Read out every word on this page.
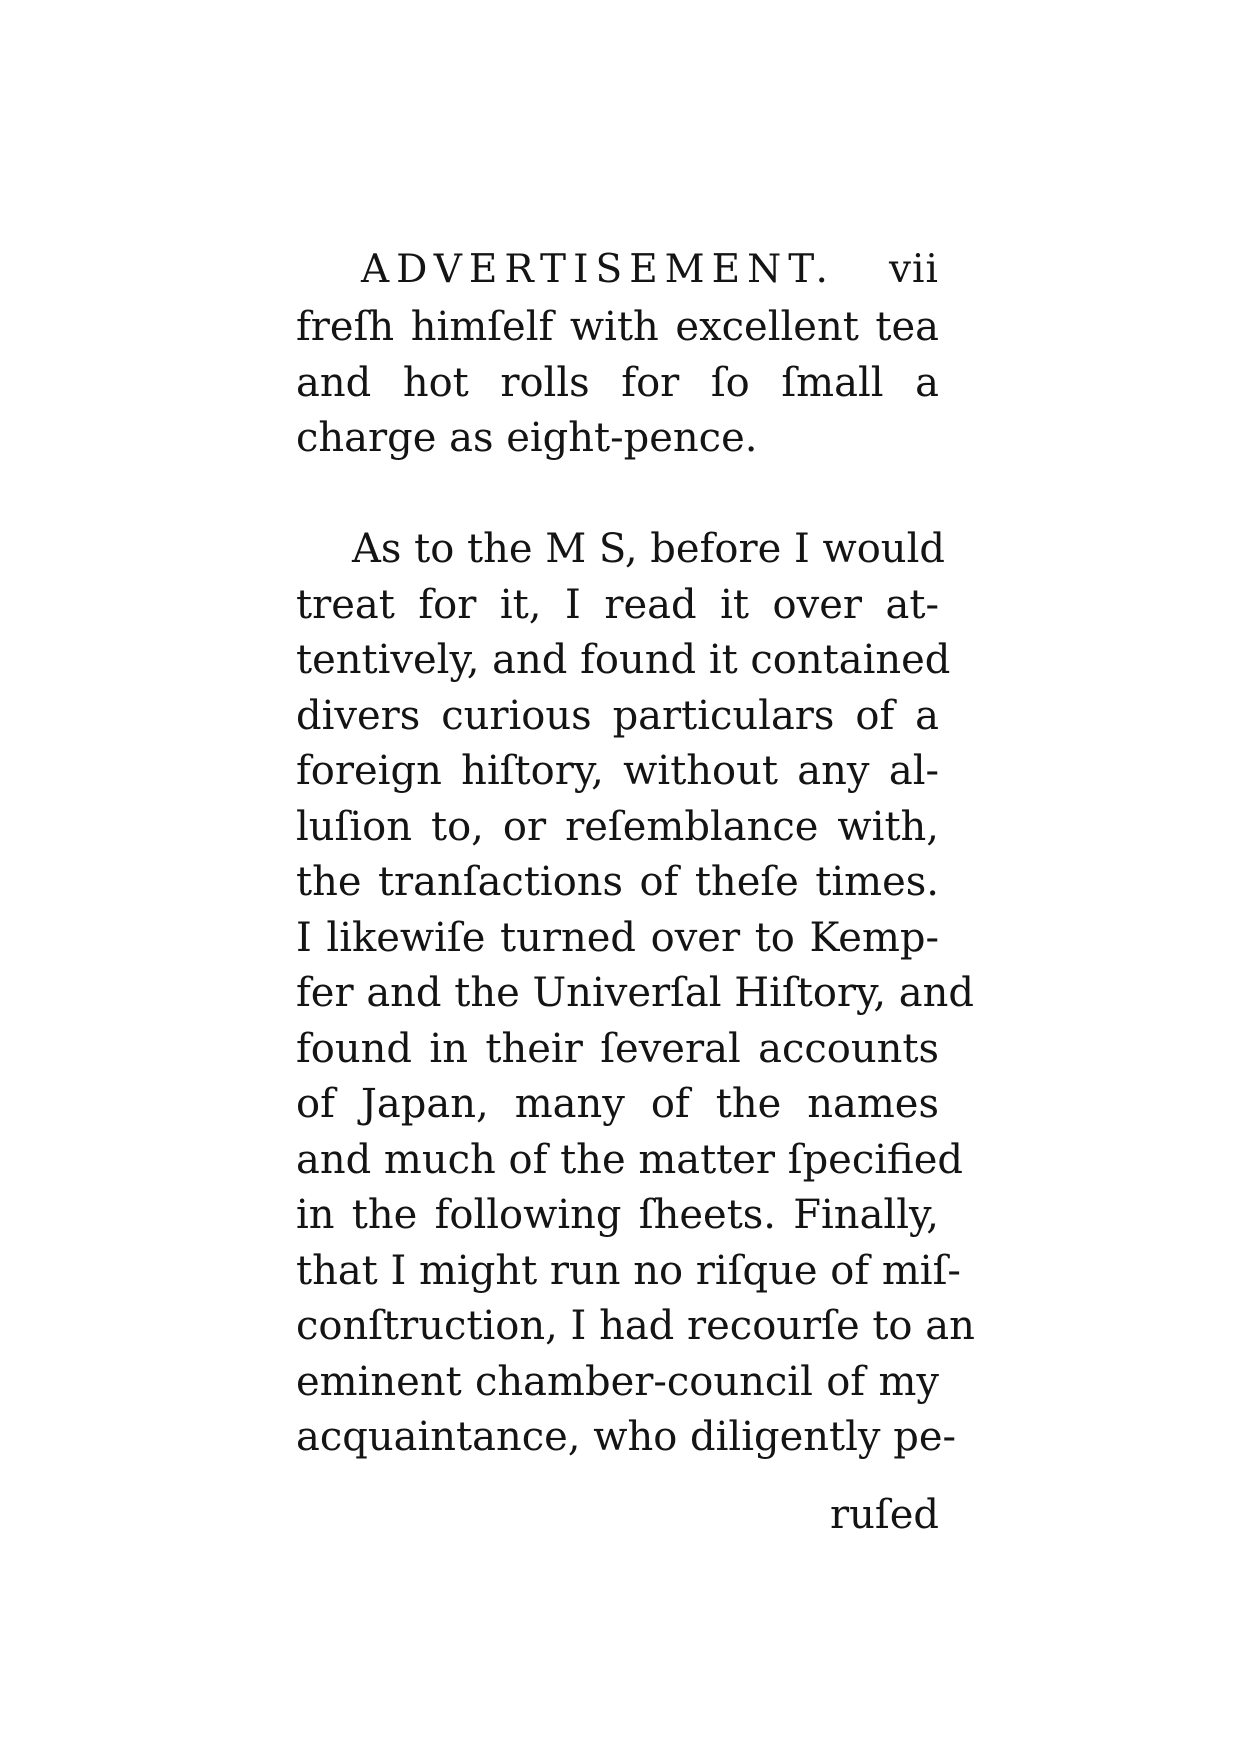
ADVERTISEMENT. vii
freſh himſelf with excellent tea
and hot rolls for ſo ſmall a
charge as eight-pence.
As to the M S, before I would
treat for it, I read it over at-
tentively, and found it contained
divers curious particulars of a
foreign hiſtory, without any al-
luſion to, or reſemblance with,
the tranſactions of theſe times.
I likewiſe turned over to Kemp-
fer and the Univerſal Hiſtory, and
found in their ſeveral accounts
of Japan, many of the names
and much of the matter ſpecified
in the following ſheets. Finally,
that I might run no riſque of miſ-
conſtruction, I had recourſe to an
eminent chamber-council of my
acquaintance, who diligently pe-
ruſed
